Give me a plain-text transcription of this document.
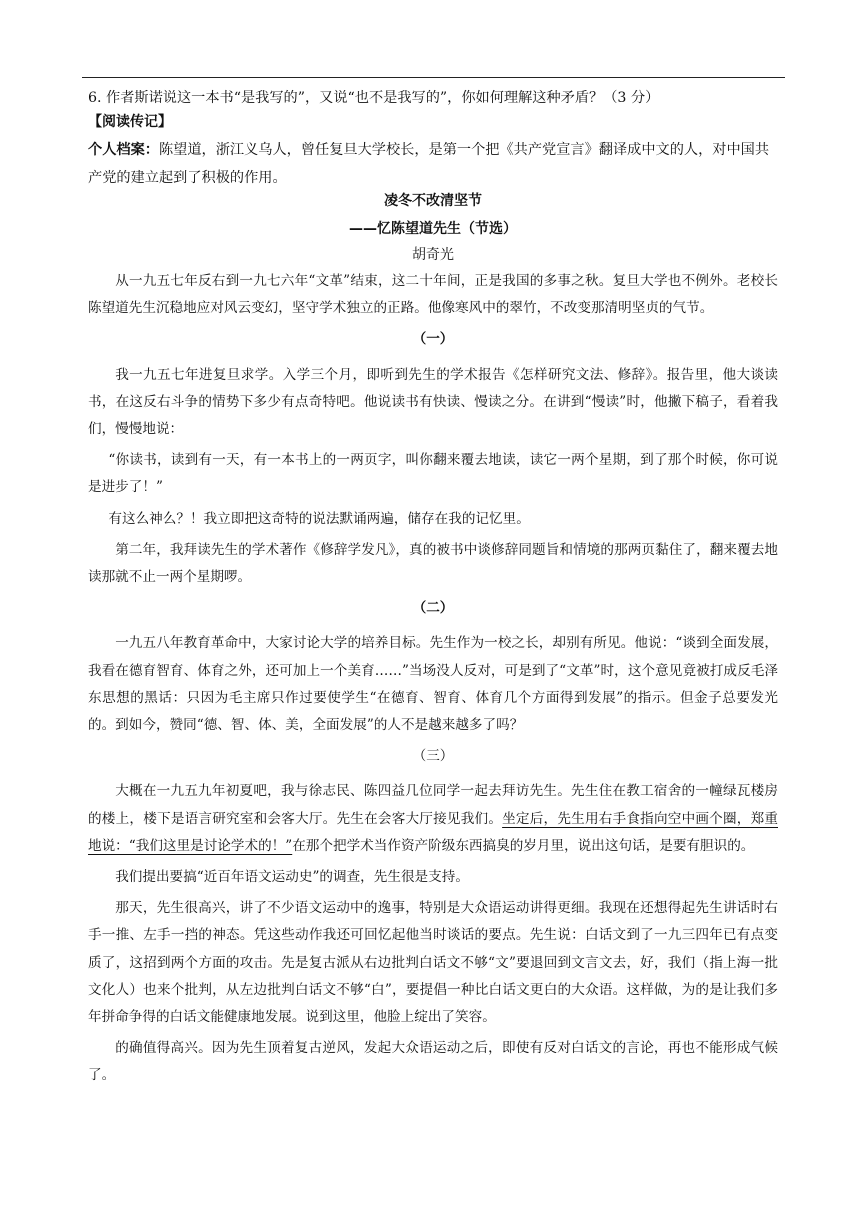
6. 作者斯诺说这一本书“是我写的”，又说“也不是我写的”，你如何理解这种矛盾？（3 分）
【阅读传记】
个人档案：陈望道，浙江义乌人，曾任复旦大学校长，是第一个把《共产党宣言》翻译成中文的人，对中国共产党的建立起到了积极的作用。
凌冬不改清坚节
——忆陈望道先生（节选）
胡奇光

从一九五七年反右到一九七六年“文革”结束，这二十年间，正是我国的多事之秋。复旦大学也不例外。老校长陈望道先生沉稳地应对风云变幻，坚守学术独立的正路。他像寒风中的翠竹，不改变那清明坚贞的气节。

（一）

我一九五七年进复旦求学。入学三个月，即听到先生的学术报告《怎样研究文法、修辞》。报告里，他大谈读书，在这反右斗争的情势下多少有点奇特吧。他说读书有快读、慢读之分。在讲到“慢读”时，他撇下稿子，看着我们，慢慢地说：

“你读书，读到有一天，有一本书上的一两页字，叫你翻来覆去地读，读它一两个星期，到了那个时候，你可说是进步了！”

有这么神么？！我立即把这奇特的说法默诵两遍，储存在我的记忆里。

第二年，我拜读先生的学术著作《修辞学发凡》，真的被书中谈修辞同题旨和情境的那两页黏住了，翻来覆去地读那就不止一两个星期啰。

（二）

一九五八年教育革命中，大家讨论大学的培养目标。先生作为一校之长，却别有所见。他说：“谈到全面发展，我看在德育智育、体育之外，还可加上一个美育……”当场没人反对，可是到了“文革”时，这个意见竟被打成反毛泽东思想的黑话：只因为毛主席只作过要使学生“在德育、智育、体育几个方面得到发展”的指示。但金子总要发光的。到如今，赞同“德、智、体、美，全面发展”的人不是越来越多了吗？

（三）

大概在一九五九年初夏吧，我与徐志民、陈四益几位同学一起去拜访先生。先生住在教工宿舍的一幢绿瓦楼房的楼上，楼下是语言研究室和会客大厅。先生在会客大厅接见我们。坐定后，先生用右手食指向空中画个圈，郑重地说：“我们这里是讨论学术的！”在那个把学术当作资产阶级东西搞臭的岁月里，说出这句话，是要有胆识的。

我们提出要搞“近百年语文运动史”的调查，先生很是支持。

那天，先生很高兴，讲了不少语文运动中的逸事，特别是大众语运动讲得更细。我现在还想得起先生讲话时右手一推、左手一挡的神态。凭这些动作我还可回忆起他当时谈话的要点。先生说：白话文到了一九三四年已有点变质了，这招到两个方面的攻击。先是复古派从右边批判白话文不够“文”要退回到文言文去，好，我们（指上海一批文化人）也来个批判，从左边批判白话文不够“白”，要提倡一种比白话文更白的大众语。这样做，为的是让我们多年拼命争得的白话文能健康地发展。说到这里，他脸上绽出了笑容。

的确值得高兴。因为先生顶着复古逆风，发起大众语运动之后，即使有反对白话文的言论，再也不能形成气候了。
